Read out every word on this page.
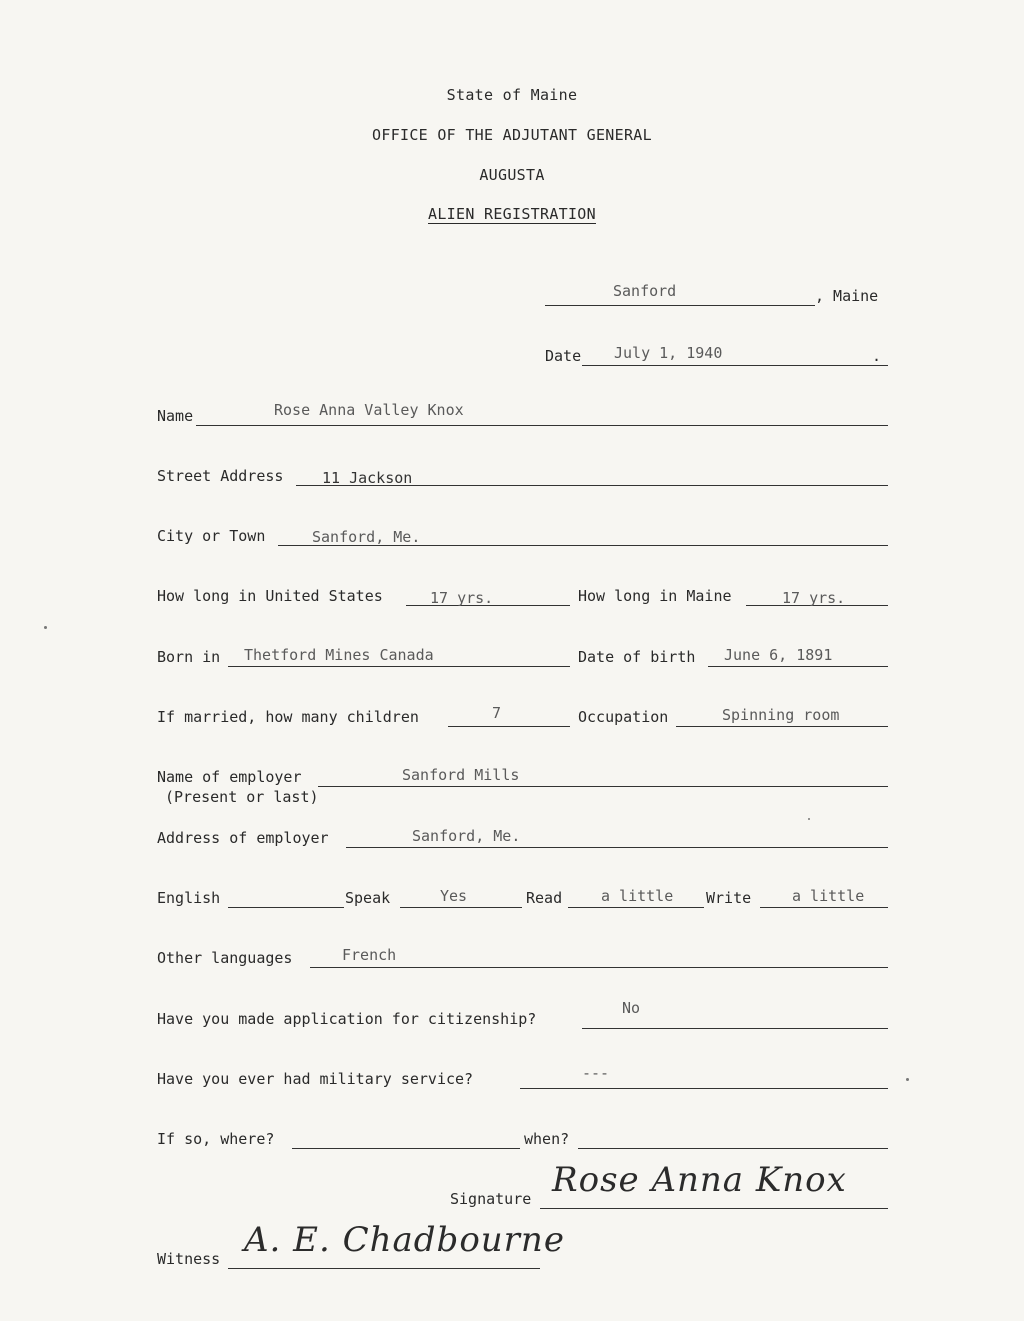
State of Maine
OFFICE OF THE ADJUTANT GENERAL
AUGUSTA
ALIEN REGISTRATION
Sanford	, Maine
Date July 1, 1940	.
Name	Rose Anna Valley Knox
Street Address	11 Jackson
City or Town	Sanford, Me.
How long in United States	17 yrs.	How long in Maine	17 yrs.
Born in Thetford Mines Canada	Date of birth June 6, 1891
If married, how many children	7	Occupation	Spinning room
Name of employer
(Present or last)
Sanford Mills
Address of employer	Sanford, Me.
English	Speak	Yes	Read	a little Write	a little
Other languages	French
Have you made application for citizenship?
No
Have you ever had military service?	---
If so, where?	when?
Signature Rose Anna Knox
Witness A. E. Chadbourne
